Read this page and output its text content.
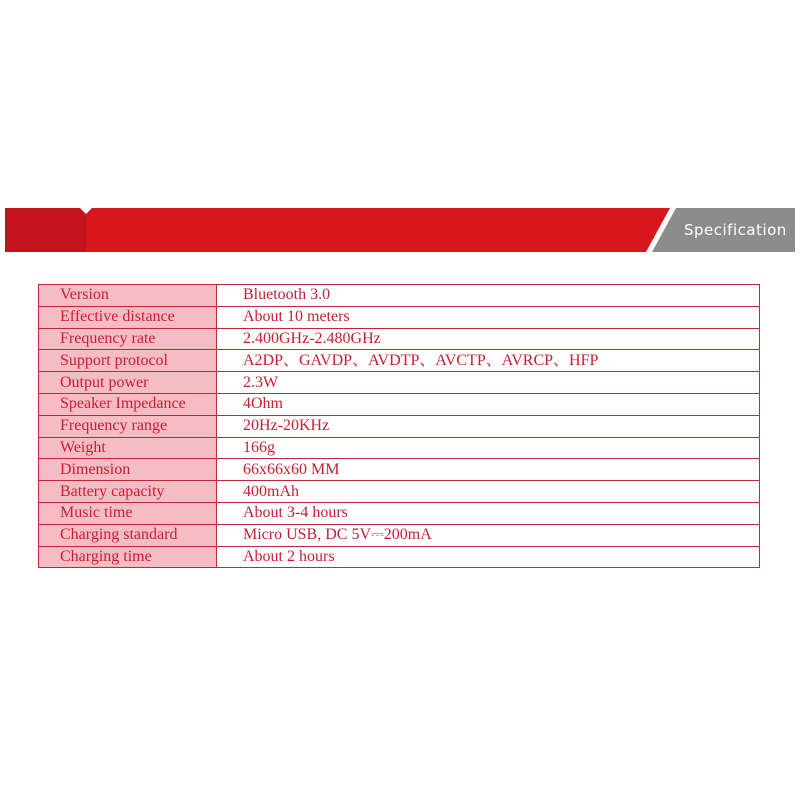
Specification
Version	Bluetooth 3.0
Effective distance	About 10 meters
Frequency rate	2.400GHz-2.480GHz
Support protocol	A2DP、GAVDP、AVDTP、AVCTP、AVRCP、HFP
Output power	2.3W
Speaker Impedance	4Ohm
Frequency range	20Hz-20KHz
Weight	166g
Dimension	66x66x60 MM
Battery capacity	400mAh
Music time	About 3-4 hours
Charging standard	Micro USB, DC 5V⎓200mA
Charging time	About 2 hours
